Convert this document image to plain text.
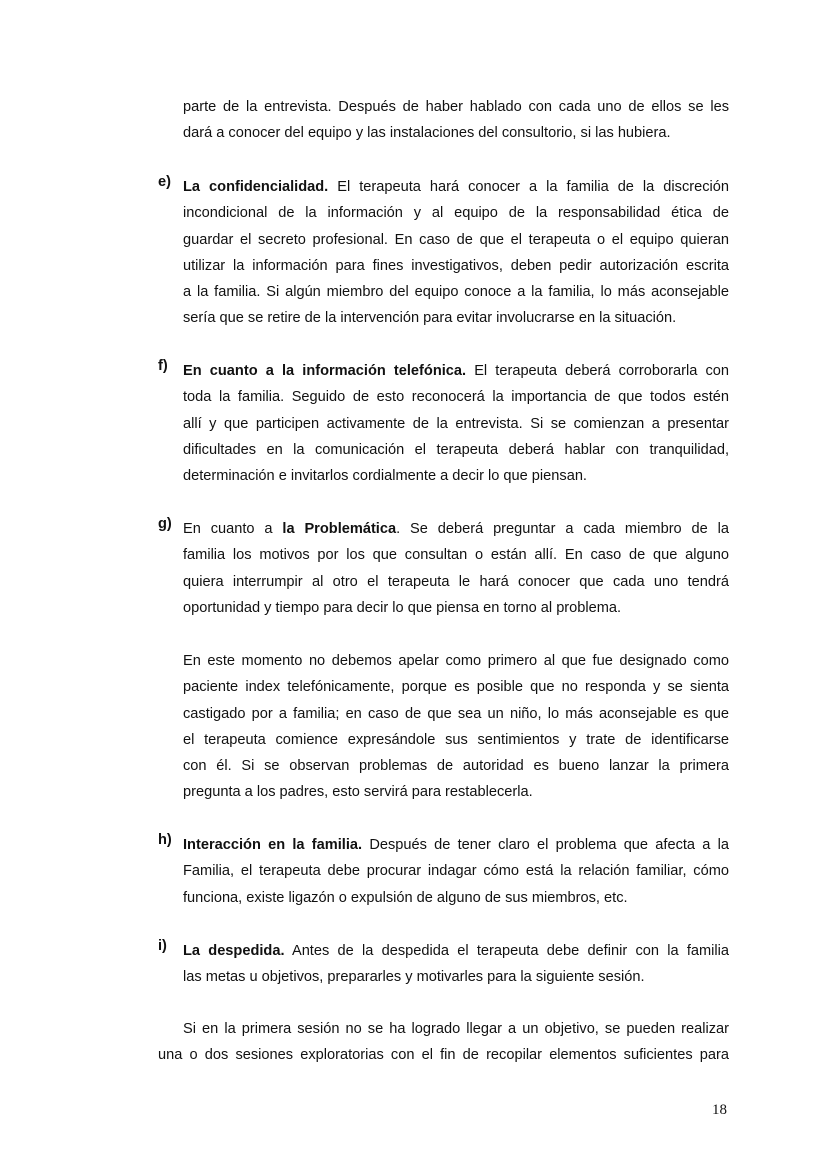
parte de la entrevista. Después de haber hablado con cada uno de ellos se les
dará a conocer del equipo y las instalaciones del consultorio, si las hubiera.
e) La confidencialidad. El terapeuta hará conocer a la familia de la discreción
incondicional de la información y al equipo de la responsabilidad ética de
guardar el secreto profesional. En caso de que el terapeuta o el equipo quieran
utilizar la información para fines investigativos, deben pedir autorización escrita
a la familia. Si algún miembro del equipo conoce a la familia, lo más aconsejable
sería que se retire de la intervención para evitar involucrarse en la situación.
f) En cuanto a la información telefónica. El terapeuta deberá corroborarla con
toda la familia. Seguido de esto reconocerá la importancia de que todos estén
allí y que participen activamente de la entrevista. Si se comienzan a presentar
dificultades en la comunicación el terapeuta deberá hablar con tranquilidad,
determinación e invitarlos cordialmente a decir lo que piensan.
g) En cuanto a la Problemática. Se deberá preguntar a cada miembro de la
familia los motivos por los que consultan o están allí. En caso de que alguno
quiera interrumpir al otro el terapeuta le hará conocer que cada uno tendrá
oportunidad y tiempo para decir lo que piensa en torno al problema.
En este momento no debemos apelar como primero al que fue designado como
paciente index telefónicamente, porque es posible que no responda y se sienta
castigado por a familia; en caso de que sea un niño, lo más aconsejable es que
el terapeuta comience expresándole sus sentimientos y trate de identificarse
con él. Si se observan problemas de autoridad es bueno lanzar la primera
pregunta a los padres, esto servirá para restablecerla.
h) Interacción en la familia. Después de tener claro el problema que afecta a la
Familia, el terapeuta debe procurar indagar cómo está la relación familiar, cómo
funciona, existe ligazón o expulsión de alguno de sus miembros, etc.
i) La despedida. Antes de la despedida el terapeuta debe definir con la familia
las metas u objetivos, prepararles y motivarles para la siguiente sesión.
Si en la primera sesión no se ha logrado llegar a un objetivo, se pueden realizar
una o dos sesiones exploratorias con el fin de recopilar elementos suficientes para
18
